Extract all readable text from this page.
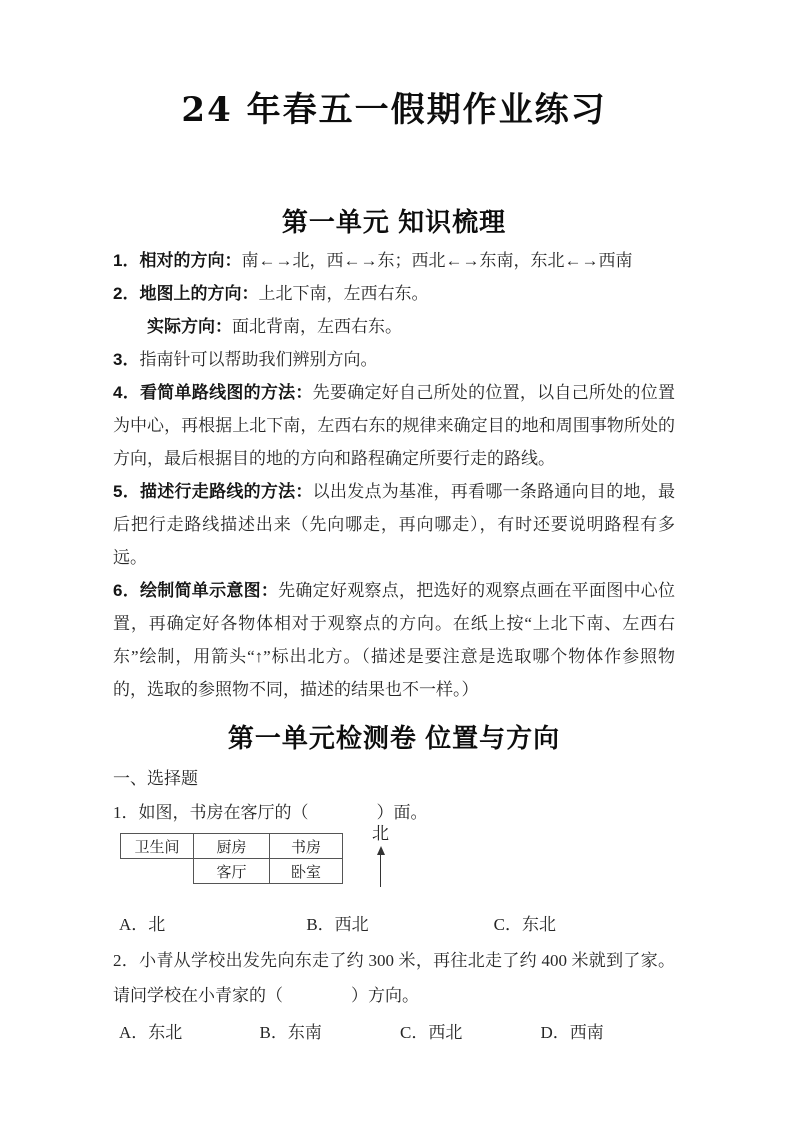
24 年春五一假期作业练习
第一单元 知识梳理

1．相对的方向：南←→北，西←→东；西北←→东南，东北←→西南

2．地图上的方向：上北下南，左西右东。

实际方向：面北背南，左西右东。

3．指南针可以帮助我们辨别方向。

4．看简单路线图的方法：先要确定好自己所处的位置，以自己所处的位置为中心，再根据上北下南，左西右东的规律来确定目的地和周围事物所处的方向，最后根据目的地的方向和路程确定所要行走的路线。

5．描述行走路线的方法：以出发点为基准，再看哪一条路通向目的地，最后把行走路线描述出来（先向哪走，再向哪走），有时还要说明路程有多远。

6．绘制简单示意图：先确定好观察点，把选好的观察点画在平面图中心位置，再确定好各物体相对于观察点的方向。在纸上按“上北下南、左西右东”绘制，用箭头“↑”标出北方。（描述是要注意是选取哪个物体作参照物的，选取的参照物不同，描述的结果也不一样。）

第一单元检测卷 位置与方向

一、选择题

1．如图，书房在客厅的（　　　　）面。

卫生间	厨房	书房
	客厅	卧室
北
A．北	B．西北	C．东北

2．小青从学校出发先向东走了约 300 米，再往北走了约 400 米就到了家。请问学校在小青家的（　　　　）方向。

A．东北	B．东南	C．西北	D．西南
